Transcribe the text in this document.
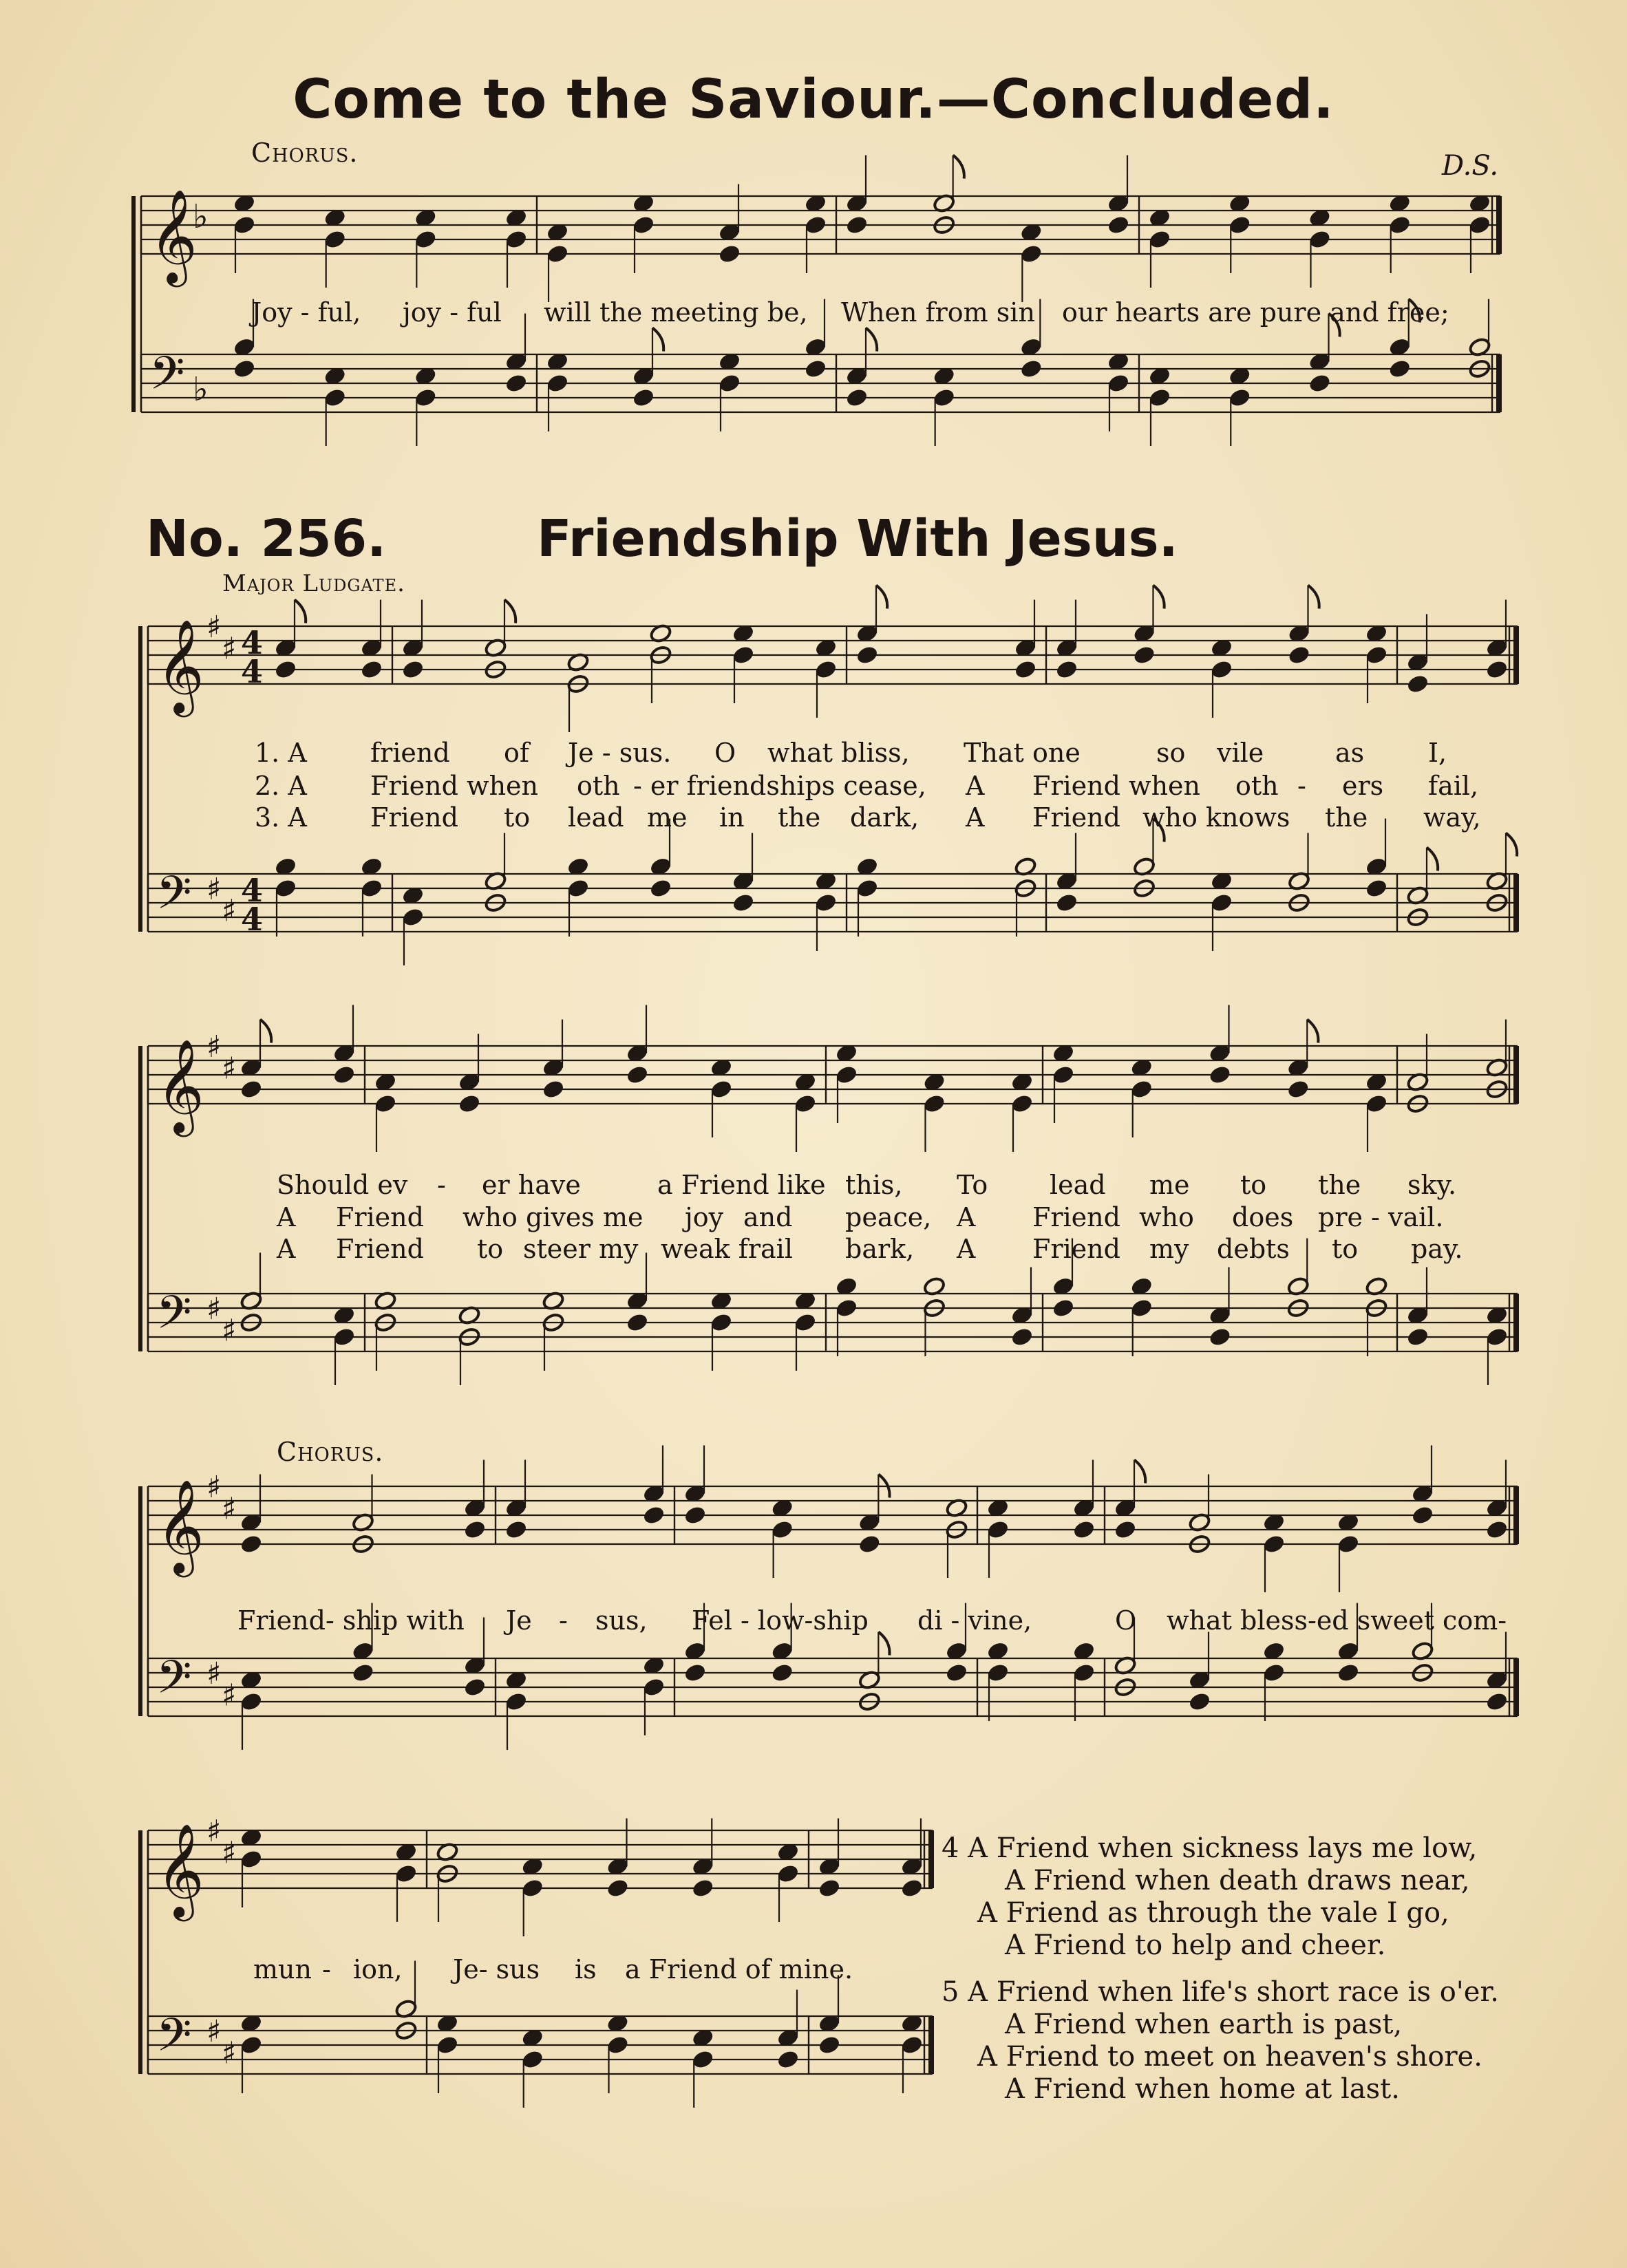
Come to the Saviour.—Concluded.
Chorus.	D.S.
𝄞
♭
𝄢 ♭
Joy - ful, joy - ful will the meeting be, When from sin our hearts are pure and free;
No. 256.	Friendship With Jesus.
Major Ludgate.
𝄞 ♯
♯ 4
4
𝄢 ♯
♯
4
4
1. A friend of Je - sus. O what bliss, That one	so vile	as I,
2. A Friend when oth - er friendships cease, A Friend when oth - ers fail,
3. A Friend to lead me in the dark, A Friend who knows the way,
𝄞 ♯
♯
𝄢 ♯
♯
Should ev - er have	a Friend like this, To lead me to the sky.
A Friend who gives me joy and peace, A Friend who does pre - vail.
A Friend to steer my weak frail bark, A Friend my debts to pay.
Chorus.
𝄞 ♯
♯
𝄢 ♯
♯
Friend- ship with Je - sus, Fel - low-ship di - vine,	O what bless-ed sweet com-
𝄞 ♯
♯
𝄢 ♯
♯
mun - ion, Je- sus is a Friend of mine.
4 A Friend when sickness lays me low,
A Friend when death draws near,
A Friend as through the vale I go,
A Friend to help and cheer.
5 A Friend when life's short race is o'er.
A Friend when earth is past,
A Friend to meet on heaven's shore.
A Friend when home at last.
